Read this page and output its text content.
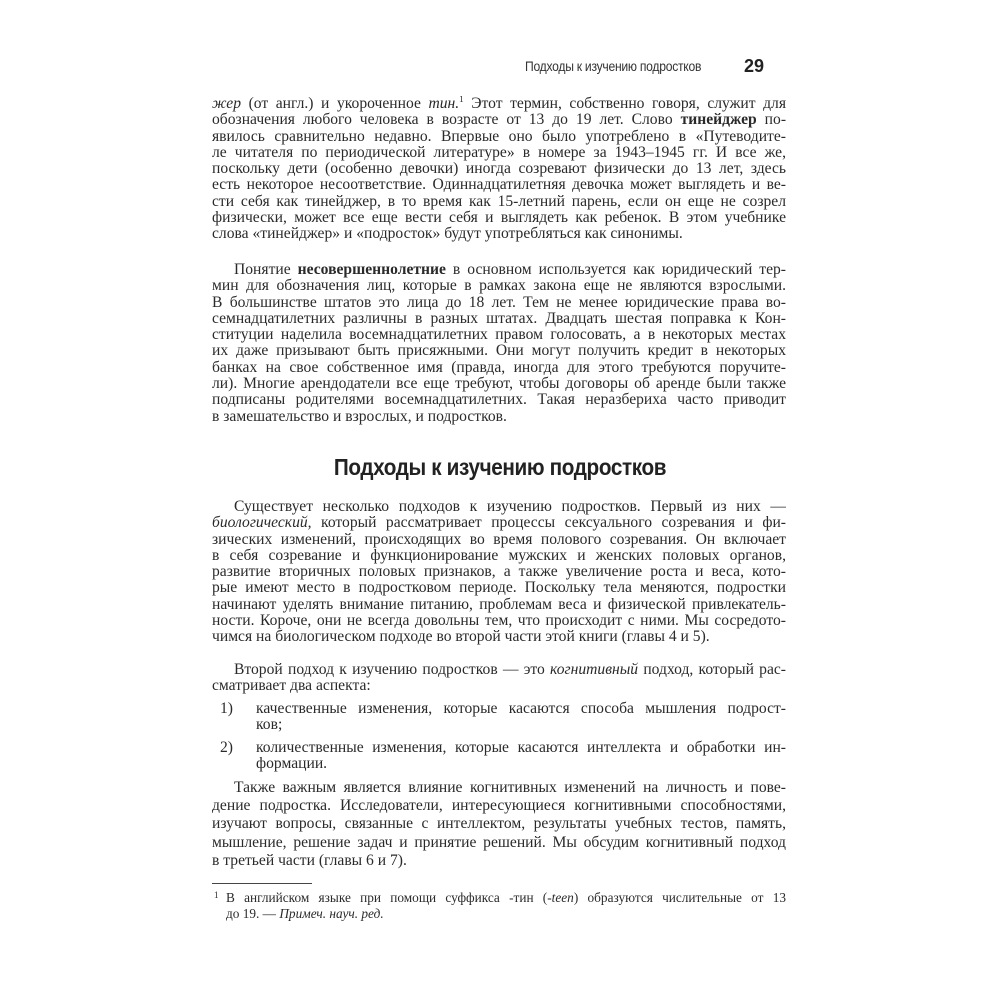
Подходы к изучению подростков 29
жер (от англ.) и укороченное тин.$^1$ Этот термин, собственно говоря, служит для
обозначения любого человека в возрасте от 13 до 19 лет. Слово тинейджер по-
явилось сравнительно недавно. Впервые оно было употреблено в «Путеводите-
ле читателя по периодической литературе» в номере за 1943–1945 гг. И все же,
поскольку дети (особенно девочки) иногда созревают физически до 13 лет, здесь
есть некоторое несоответствие. Одиннадцатилетняя девочка может выглядеть и ве-
сти себя как тинейджер, в то время как 15-летний парень, если он еще не созрел
физически, может все еще вести себя и выглядеть как ребенок. В этом учебнике
слова «тинейджер» и «подросток» будут употребляться как синонимы.
Понятие несовершеннолетние в основном используется как юридический тер-
мин для обозначения лиц, которые в рамках закона еще не являются взрослыми.
В большинстве штатов это лица до 18 лет. Тем не менее юридические права во-
семнадцатилетних различны в разных штатах. Двадцать шестая поправка к Кон-
ституции наделила восемнадцатилетних правом голосовать, а в некоторых местах
их даже призывают быть присяжными. Они могут получить кредит в некоторых
банках на свое собственное имя (правда, иногда для этого требуются поручите-
ли). Многие арендодатели все еще требуют, чтобы договоры об аренде были также
подписаны родителями восемнадцатилетних. Такая неразбериха часто приводит
в замешательство и взрослых, и подростков.
Подходы к изучению подростков
Существует несколько подходов к изучению подростков. Первый из них —
биологический, который рассматривает процессы сексуального созревания и фи-
зических изменений, происходящих во время полового созревания. Он включает
в себя созревание и функционирование мужских и женских половых органов,
развитие вторичных половых признаков, а также увеличение роста и веса, кото-
рые имеют место в подростковом периоде. Поскольку тела меняются, подростки
начинают уделять внимание питанию, проблемам веса и физической привлекатель-
ности. Короче, они не всегда довольны тем, что происходит с ними. Мы сосредото-
чимся на биологическом подходе во второй части этой книги (главы 4 и 5).
Второй подход к изучению подростков — это когнитивный подход, который рас-
сматривает два аспекта:
1)	качественные изменения, которые касаются способа мышления подрост-
ков;
2)	количественные изменения, которые касаются интеллекта и обработки ин-
формации.
Также важным является влияние когнитивных изменений на личность и пове-
дение подростка. Исследователи, интересующиеся когнитивными способностями,
изучают вопросы, связанные с интеллектом, результаты учебных тестов, память,
мышление, решение задач и принятие решений. Мы обсудим когнитивный подход
в третьей части (главы 6 и 7).
1 В английском языке при помощи суффикса -тин (-teen) образуются числительные от 13
до 19. — Примеч. науч. ред.
